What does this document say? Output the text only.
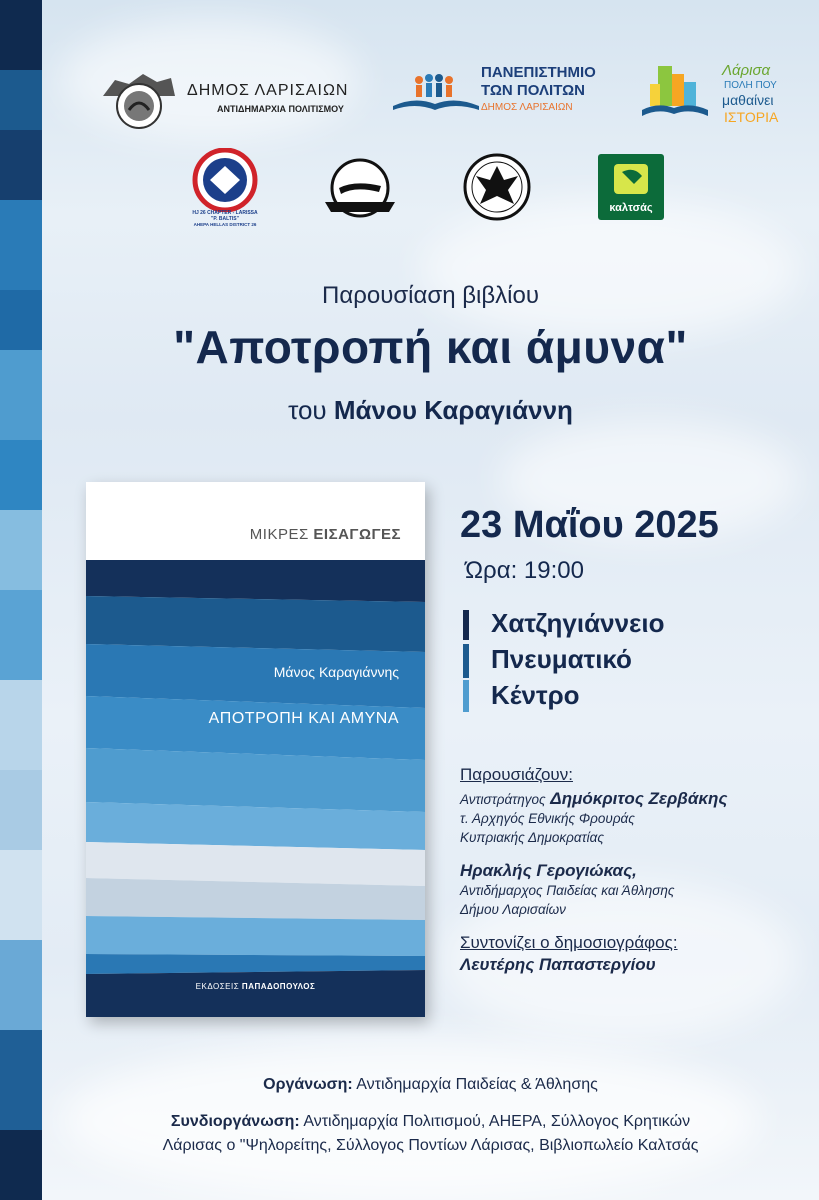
ΔΗΜΟΣ ΛΑΡΙΣΑΙΩΝ
ΑΝΤΙΔΗΜΑΡΧΙΑ ΠΟΛΙΤΙΣΜΟΥ
ΠΑΝΕΠΙΣΤΗΜΙΟ
ΤΩΝ ΠΟΛΙΤΩΝ
ΔΗΜΟΣ ΛΑΡΙΣΑΙΩΝ
Λάρισα
ΠΟΛΗ ΠΟΥ
μαθαίνει
ΙΣΤΟΡΙΑ
HJ 26 CHAPTER - LARISSA
"P. BALTIS"
AHEPA HELLAS DISTRICT 26
καλτσάς
Παρουσίαση βιβλίου
"Αποτροπή και άμυνα"
του Μάνου Καραγιάννη
ΜΙΚΡΕΣ ΕΙΣΑΓΩΓΕΣ
Μάνος Καραγιάννης
ΑΠΟΤΡΟΠΗ ΚΑΙ ΑΜΥΝΑ
ΕΚΔΟΣΕΙΣ ΠΑΠΑΔΟΠΟΥΛΟΣ
23 Μαΐου 2025
Ώρα: 19:00
Χατζηγιάννειο
Πνευματικό
Κέντρο
Παρουσιάζουν:
Αντιστράτηγος Δημόκριτος Ζερβάκης
τ. Αρχηγός Εθνικής Φρουράς
Κυπριακής Δημοκρατίας
Ηρακλής Γερογιώκας,
Αντιδήμαρχος Παιδείας και Άθλησης
Δήμου Λαρισαίων
Συντονίζει ο δημοσιογράφος:
Λευτέρης Παπαστεργίου
Οργάνωση: Αντιδημαρχία Παιδείας & Άθλησης
Συνδιοργάνωση: Αντιδημαρχία Πολιτισμού, ΑΗΕΡΑ, Σύλλογος Κρητικών
Λάρισας ο "Ψηλορείτης, Σύλλογος Ποντίων Λάρισας, Βιβλιοπωλείο Καλτσάς
